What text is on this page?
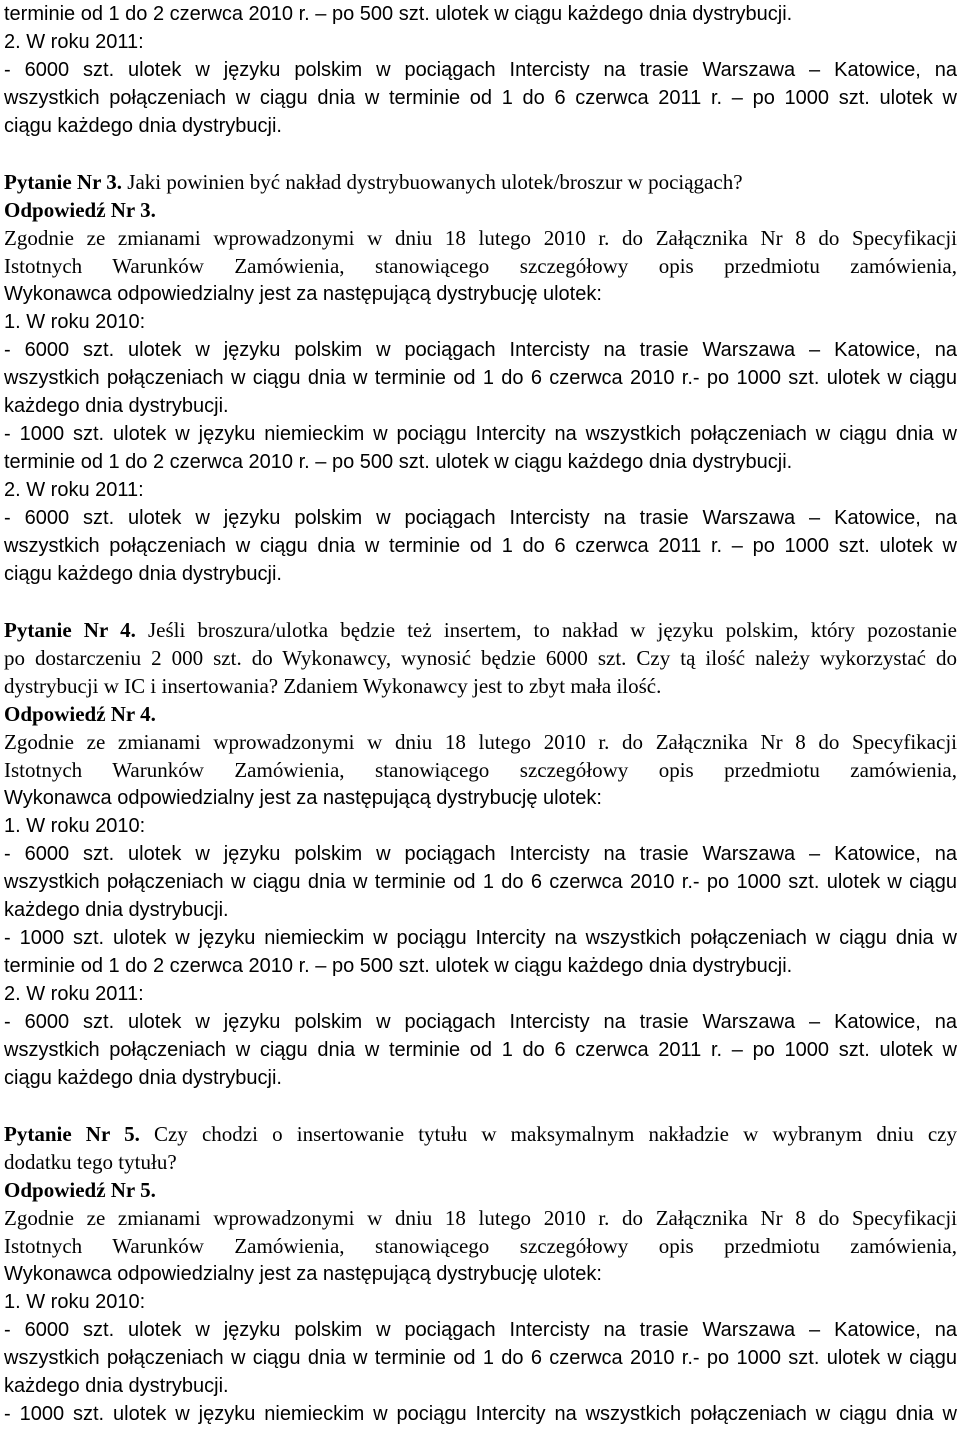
terminie od 1 do 2 czerwca 2010 r. – po 500 szt. ulotek w ciągu każdego dnia dystrybucji.
2. W roku 2011:
- 6000 szt. ulotek w języku polskim w pociągach Intercisty na trasie Warszawa – Katowice, na
wszystkich połączeniach w ciągu dnia w terminie od 1 do 6 czerwca 2011 r. – po 1000 szt. ulotek w
ciągu każdego dnia dystrybucji.
Pytanie Nr 3. Jaki powinien być nakład dystrybuowanych ulotek/broszur w pociągach?
Odpowiedź Nr 3.
Zgodnie ze zmianami wprowadzonymi w dniu 18 lutego 2010 r. do Załącznika Nr 8 do Specyfikacji
Istotnych Warunków Zamówienia, stanowiącego szczegółowy opis przedmiotu zamówienia,
Wykonawca odpowiedzialny jest za następującą dystrybucję ulotek:
1. W roku 2010:
- 6000 szt. ulotek w języku polskim w pociągach Intercisty na trasie Warszawa – Katowice, na
wszystkich połączeniach w ciągu dnia w terminie od 1 do 6 czerwca 2010 r.- po 1000 szt. ulotek w ciągu
każdego dnia dystrybucji.
- 1000 szt. ulotek w języku niemieckim w pociągu Intercity na wszystkich połączeniach w ciągu dnia w
terminie od 1 do 2 czerwca 2010 r. – po 500 szt. ulotek w ciągu każdego dnia dystrybucji.
2. W roku 2011:
- 6000 szt. ulotek w języku polskim w pociągach Intercisty na trasie Warszawa – Katowice, na
wszystkich połączeniach w ciągu dnia w terminie od 1 do 6 czerwca 2011 r. – po 1000 szt. ulotek w
ciągu każdego dnia dystrybucji.
Pytanie Nr 4. Jeśli broszura/ulotka będzie też insertem, to nakład w języku polskim, który pozostanie
po dostarczeniu 2 000 szt. do Wykonawcy, wynosić będzie 6000 szt. Czy tą ilość należy wykorzystać do
dystrybucji w IC i insertowania? Zdaniem Wykonawcy jest to zbyt mała ilość.
Odpowiedź Nr 4.
Zgodnie ze zmianami wprowadzonymi w dniu 18 lutego 2010 r. do Załącznika Nr 8 do Specyfikacji
Istotnych Warunków Zamówienia, stanowiącego szczegółowy opis przedmiotu zamówienia,
Wykonawca odpowiedzialny jest za następującą dystrybucję ulotek:
1. W roku 2010:
- 6000 szt. ulotek w języku polskim w pociągach Intercisty na trasie Warszawa – Katowice, na
wszystkich połączeniach w ciągu dnia w terminie od 1 do 6 czerwca 2010 r.- po 1000 szt. ulotek w ciągu
każdego dnia dystrybucji.
- 1000 szt. ulotek w języku niemieckim w pociągu Intercity na wszystkich połączeniach w ciągu dnia w
terminie od 1 do 2 czerwca 2010 r. – po 500 szt. ulotek w ciągu każdego dnia dystrybucji.
2. W roku 2011:
- 6000 szt. ulotek w języku polskim w pociągach Intercisty na trasie Warszawa – Katowice, na
wszystkich połączeniach w ciągu dnia w terminie od 1 do 6 czerwca 2011 r. – po 1000 szt. ulotek w
ciągu każdego dnia dystrybucji.
Pytanie Nr 5. Czy chodzi o insertowanie tytułu w maksymalnym nakładzie w wybranym dniu czy
dodatku tego tytułu?
Odpowiedź Nr 5.
Zgodnie ze zmianami wprowadzonymi w dniu 18 lutego 2010 r. do Załącznika Nr 8 do Specyfikacji
Istotnych Warunków Zamówienia, stanowiącego szczegółowy opis przedmiotu zamówienia,
Wykonawca odpowiedzialny jest za następującą dystrybucję ulotek:
1. W roku 2010:
- 6000 szt. ulotek w języku polskim w pociągach Intercisty na trasie Warszawa – Katowice, na
wszystkich połączeniach w ciągu dnia w terminie od 1 do 6 czerwca 2010 r.- po 1000 szt. ulotek w ciągu
każdego dnia dystrybucji.
- 1000 szt. ulotek w języku niemieckim w pociągu Intercity na wszystkich połączeniach w ciągu dnia w
